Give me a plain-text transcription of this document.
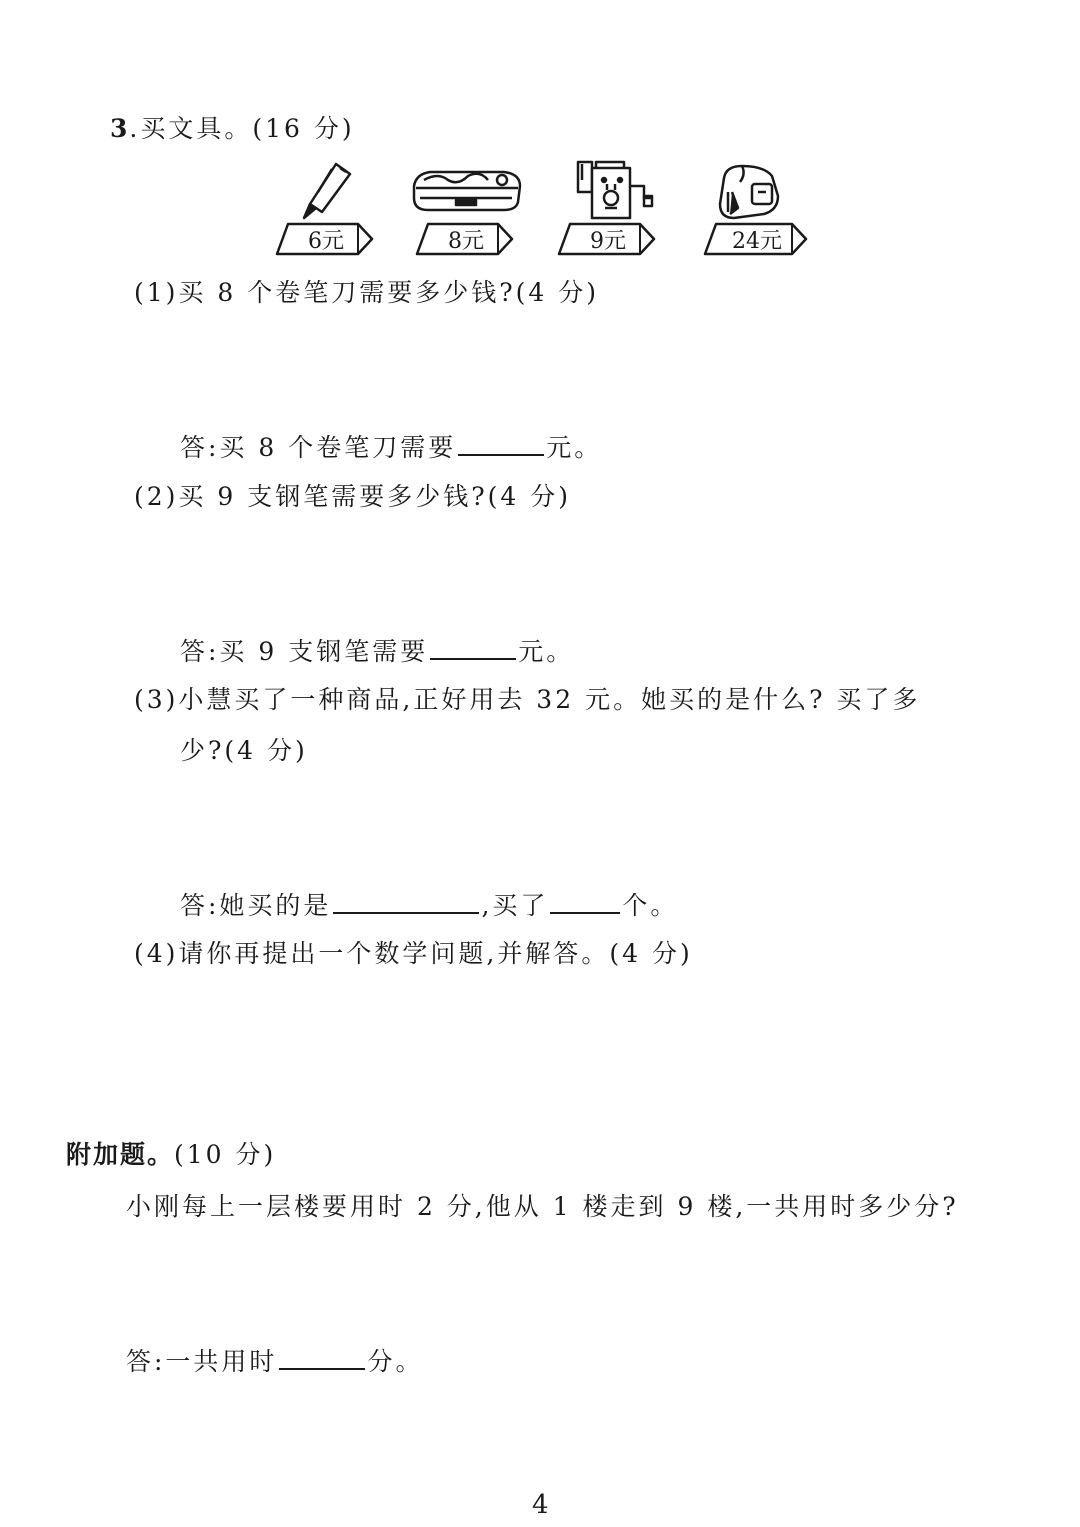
3.买文具。(16 分)
6元	8元	9元	24元
(1)买 8 个卷笔刀需要多少钱?(4 分)
答:买 8 个卷笔刀需要	元。
(2)买 9 支钢笔需要多少钱?(4 分)
答:买 9 支钢笔需要	元。
(3)小慧买了一种商品,正好用去 32 元。她买的是什么? 买了多
少?(4 分)
答:她买的是	,买了	个。
(4)请你再提出一个数学问题,并解答。(4 分)
附加题。(10 分)
小刚每上一层楼要用时 2 分,他从 1 楼走到 9 楼,一共用时多少分?
答:一共用时	分。
4
